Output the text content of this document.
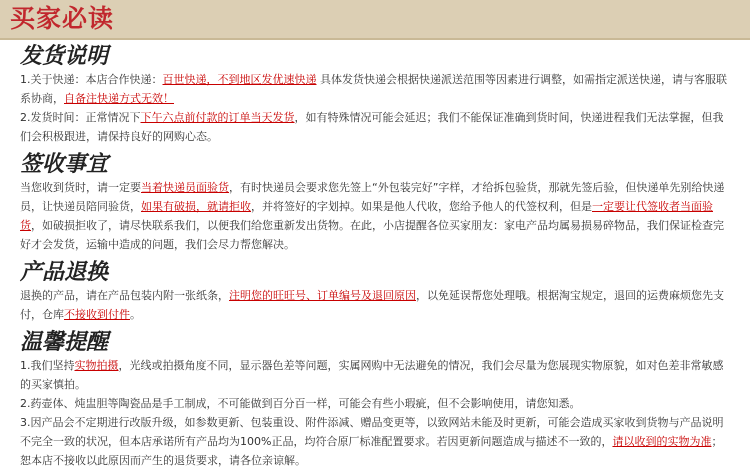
买家必读
发货说明
1.关于快递：本店合作快递：百世快递，不到地区发优速快递 具体发货快递会根据快递派送范围等因素进行调整，如需指定派送快递，请与客服联系协商，自备注快递方式无效！
2.发货时间：正常情况下下午六点前付款的订单当天发货，如有特殊情况可能会延迟；我们不能保证准确到货时间，快递进程我们无法掌握，但我们会积极跟进，请保持良好的网购心态。
签收事宜
当您收到货时，请一定要当着快递员面验货，有时快递员会要求您先签上“外包装完好”字样，才给拆包验货，那就先签后验，但快递单先别给快递员，让快递员陪同验货，如果有破损，就请拒收，并将签好的字划掉。如果是他人代收，您给予他人的代签权利，但是一定要让代签收者当面验货，如破损拒收了，请尽快联系我们，以便我们给您重新发出货物。在此，小店提醒各位买家朋友：家电产品均属易损易碎物品，我们保证检查完好才会发货，运输中造成的问题，我们会尽力帮您解决。
产品退换
退换的产品，请在产品包装内附一张纸条，注明您的旺旺号、订单编号及退回原因，以免延误帮您处理哦。根据淘宝规定，退回的运费麻烦您先支付，仓库不接收到付件。
温馨提醒
1.我们坚持实物拍摄，光线或拍摄角度不同，显示器色差等问题，实属网购中无法避免的情况，我们会尽量为您展现实物原貌，如对色差非常敏感的买家慎拍。
2.药壶体、炖盅胆等陶瓷品是手工制成，不可能做到百分百一样，可能会有些小瑕疵，但不会影响使用，请您知悉。
3.因产品会不定期进行改版升级，如参数更新、包装重设、附件添减、赠品变更等，以致网站未能及时更新，可能会造成买家收到货物与产品说明不完全一致的状况，但本店承诺所有产品均为100%正品，均符合原厂标准配置要求。若因更新问题造成与描述不一致的，请以收到的实物为准；恕本店不接收以此原因而产生的退货要求，请各位亲谅解。
